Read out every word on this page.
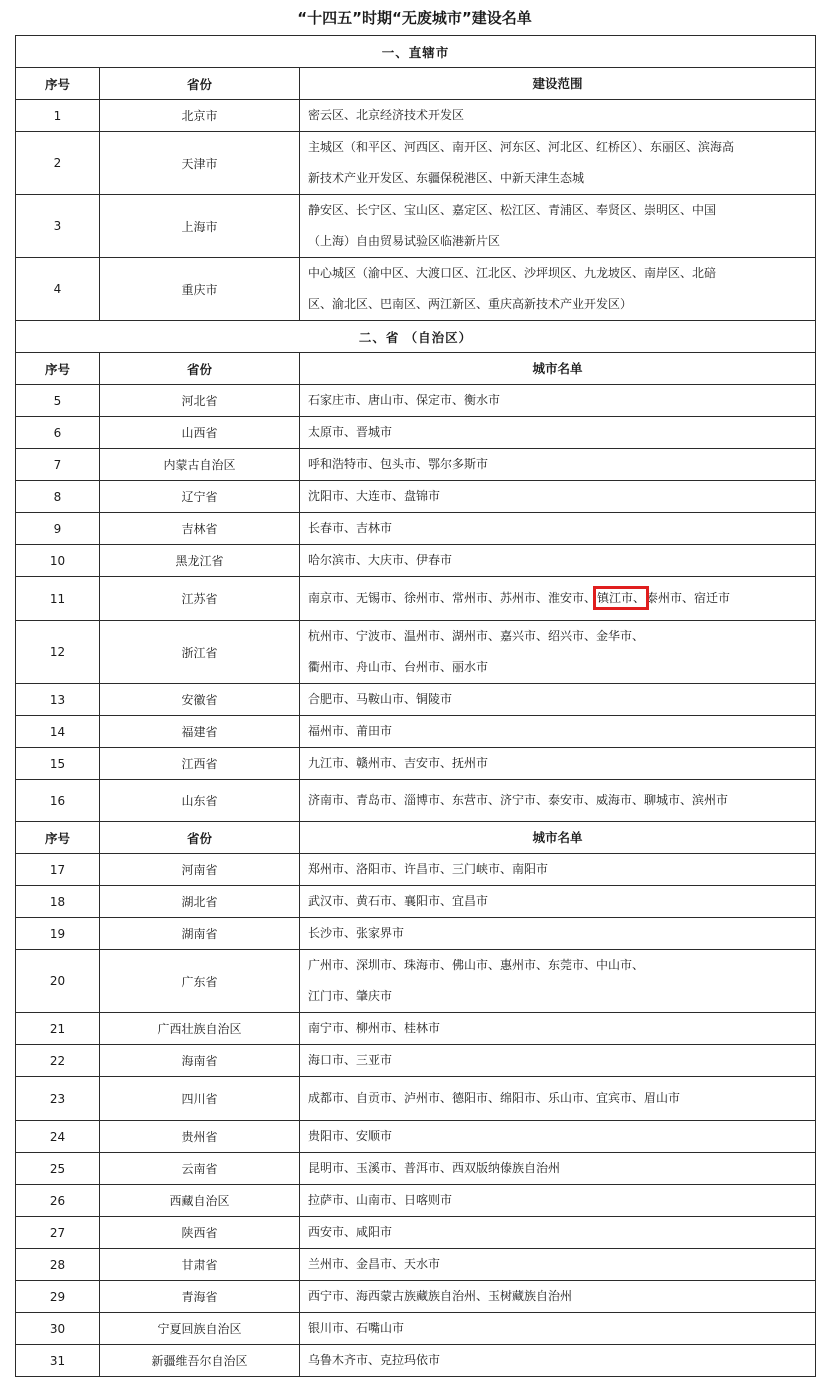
“十四五”时期“无废城市”建设名单
一、直辖市		
序号	省份	建设范围
1	北京市	密云区、北京经济技术开发区

2	天津市	主城区（和平区、河西区、南开区、河东区、河北区、红桥区）、东丽区、滨海高
新技术产业开发区、东疆保税港区、中新天津生态城

3	上海市	静安区、长宁区、宝山区、嘉定区、松江区、青浦区、奉贤区、崇明区、中国
（上海）自由贸易试验区临港新片区

4	重庆市	中心城区（渝中区、大渡口区、江北区、沙坪坝区、九龙坡区、南岸区、北碚
区、渝北区、巴南区、两江新区、重庆高新技术产业开发区）

二、省 （自治区）		
序号	省份	城市名单
5	河北省	石家庄市、唐山市、保定市、衡水市

6	山西省	太原市、晋城市

7	内蒙古自治区	呼和浩特市、包头市、鄂尔多斯市

8	辽宁省	沈阳市、大连市、盘锦市

9	吉林省	长春市、吉林市

10	黑龙江省	哈尔滨市、大庆市、伊春市

11	江苏省	南京市、无锡市、徐州市、常州市、苏州市、淮安市、镇江市、泰州市、宿迁市
12	浙江省	杭州市、宁波市、温州市、湖州市、嘉兴市、绍兴市、金华市、
衢州市、舟山市、台州市、丽水市

13	安徽省	合肥市、马鞍山市、铜陵市

14	福建省	福州市、莆田市

15	江西省	九江市、赣州市、吉安市、抚州市

16	山东省	济南市、青岛市、淄博市、东营市、济宁市、泰安市、威海市、聊城市、滨州市

序号	省份	城市名单
17	河南省	郑州市、洛阳市、许昌市、三门峡市、南阳市

18	湖北省	武汉市、黄石市、襄阳市、宜昌市

19	湖南省	长沙市、张家界市

20	广东省	广州市、深圳市、珠海市、佛山市、惠州市、东莞市、中山市、
江门市、肇庆市

21	广西壮族自治区	南宁市、柳州市、桂林市

22	海南省	海口市、三亚市

23	四川省	成都市、自贡市、泸州市、德阳市、绵阳市、乐山市、宜宾市、眉山市

24	贵州省	贵阳市、安顺市

25	云南省	昆明市、玉溪市、普洱市、西双版纳傣族自治州

26	西藏自治区	拉萨市、山南市、日喀则市

27	陕西省	西安市、咸阳市

28	甘肃省	兰州市、金昌市、天水市

29	青海省	西宁市、海西蒙古族藏族自治州、玉树藏族自治州

30	宁夏回族自治区	银川市、石嘴山市

31	新疆维吾尔自治区	乌鲁木齐市、克拉玛依市
